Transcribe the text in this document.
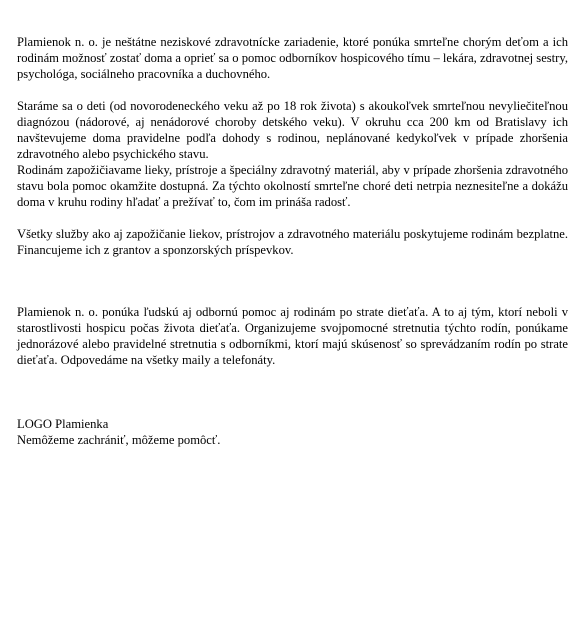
Plamienok n. o. je neštátne neziskové zdravotnícke zariadenie, ktoré ponúka smrteľne chorým deťom a ich rodinám možnosť zostať doma a oprieť sa o pomoc odborníkov hospicového tímu – lekára, zdravotnej sestry, psychológa, sociálneho pracovníka a duchovného.

Staráme sa o deti (od novorodeneckého veku až po 18 rok života) s akoukoľvek smrteľnou nevyliečiteľnou diagnózou (nádorové, aj nenádorové choroby detského veku). V okruhu cca 200 km od Bratislavy ich navštevujeme doma pravidelne podľa dohody s rodinou, neplánované kedykoľvek v prípade zhoršenia zdravotného alebo psychického stavu.

Rodinám zapožičiavame lieky, prístroje a špeciálny zdravotný materiál, aby v prípade zhoršenia zdravotného stavu bola pomoc okamžite dostupná. Za týchto okolností smrteľne choré deti netrpia neznesiteľne a dokážu doma v kruhu rodiny hľadať a prežívať to, čom im prináša radosť.

Všetky služby ako aj zapožičanie liekov, prístrojov a zdravotného materiálu poskytujeme rodinám bezplatne. Financujeme ich z grantov a sponzorských príspevkov.

Plamienok n. o. ponúka ľudskú aj odbornú pomoc aj rodinám po strate dieťaťa. A to aj tým, ktorí neboli v starostlivosti hospicu počas života dieťaťa. Organizujeme svojpomocné stretnutia týchto rodín, ponúkame jednorázové alebo pravidelné stretnutia s odborníkmi, ktorí majú skúsenosť so sprevádzaním rodín po strate dieťaťa. Odpovedáme na všetky maily a telefonáty.

LOGO Plamienka

Nemôžeme zachrániť, môžeme pomôcť.
